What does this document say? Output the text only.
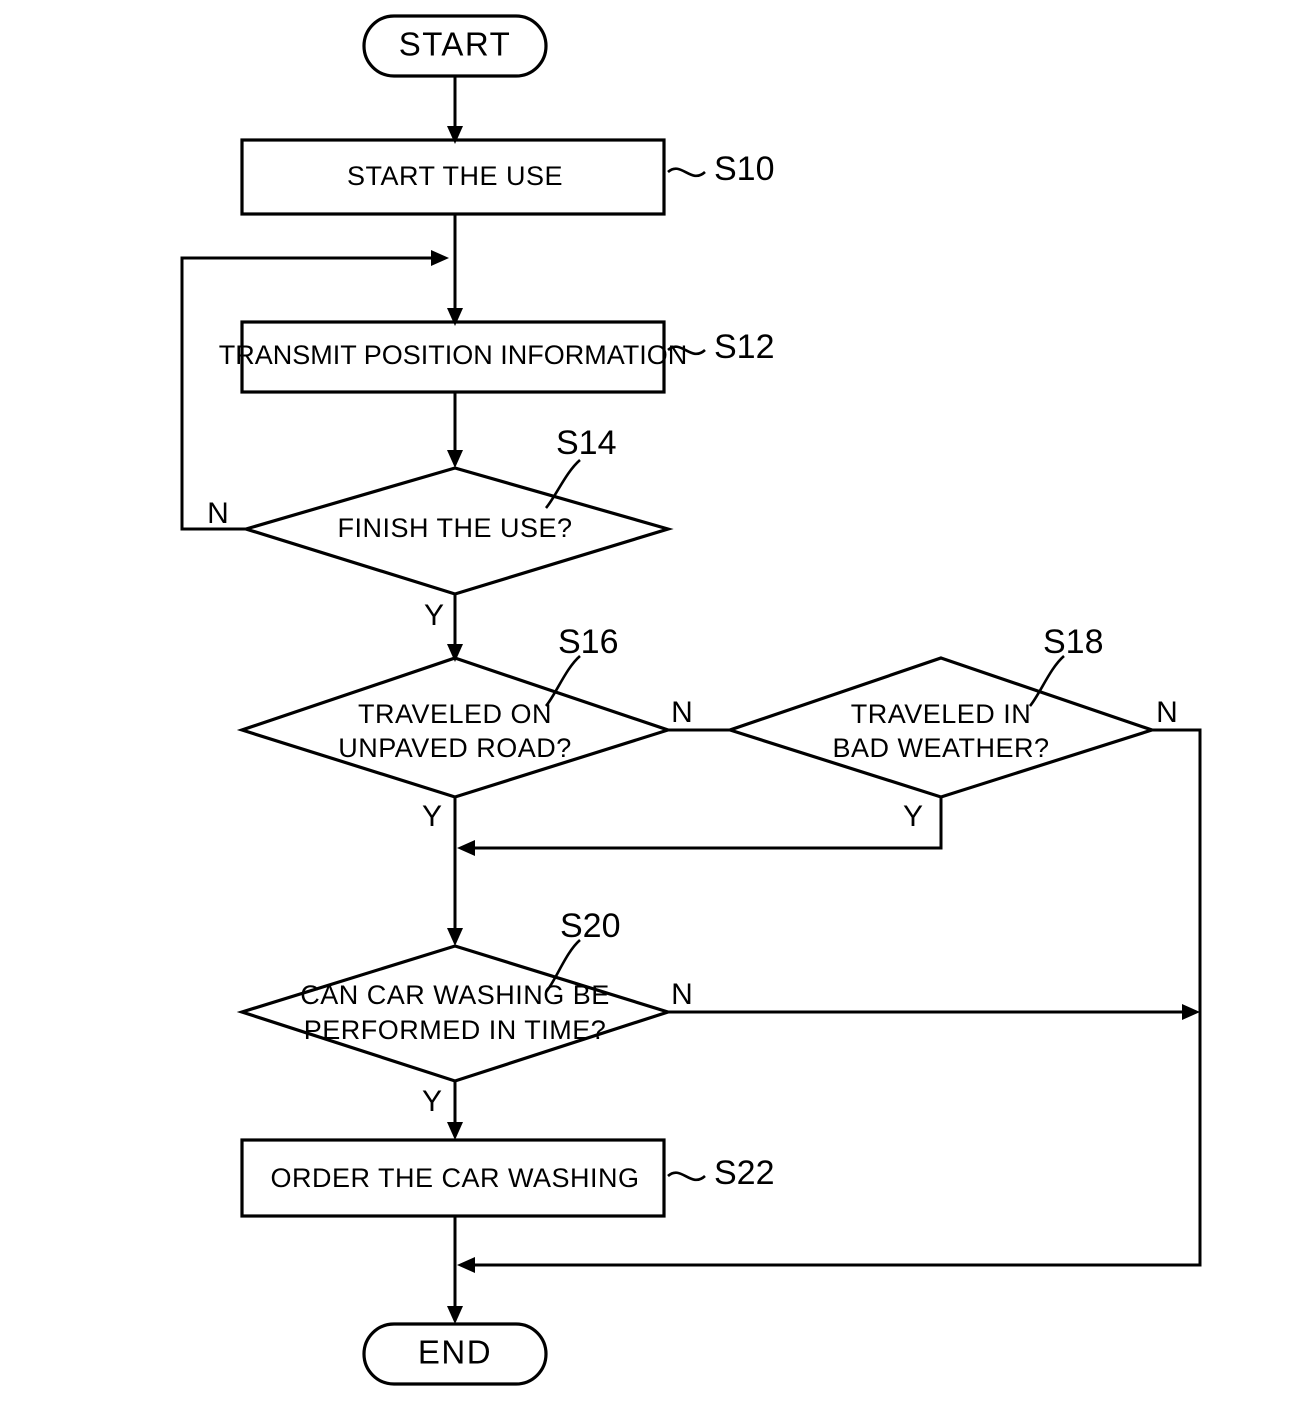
START
START THE USE	S10
TRANSMIT POSITION INFORMATION S12
FINISH THE USE?
S14
N
Y
TRAVELED ON
UNPAVED ROAD?
S16
N
Y
TRAVELED IN
BAD WEATHER?
S18
N
Y
CAN CAR WASHING BE
PERFORMED IN TIME?
S20
N
Y
ORDER THE CAR WASHING S22
END
